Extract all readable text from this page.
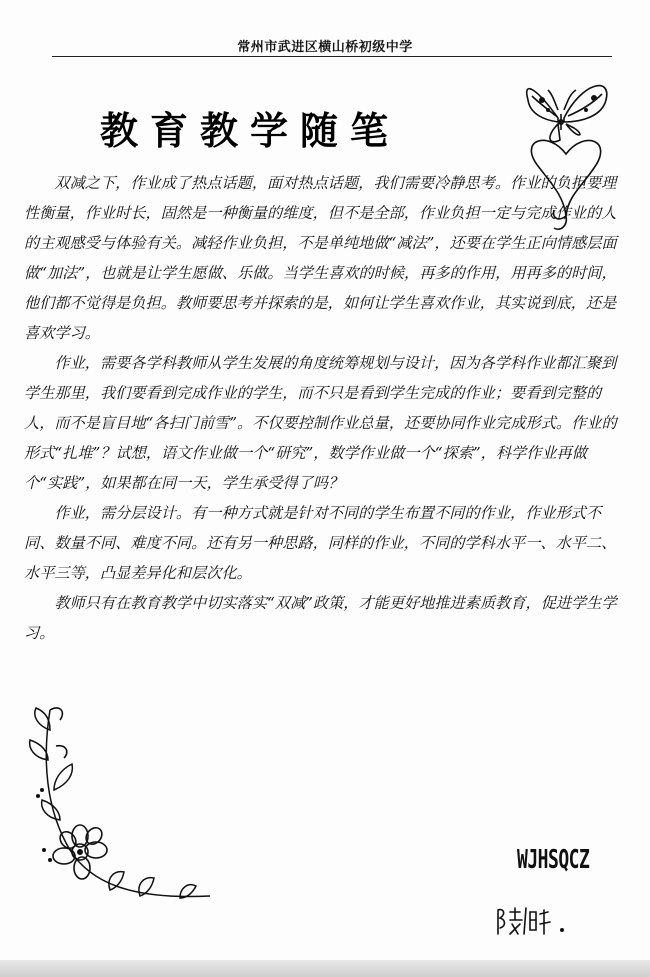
常州市武进区横山桥初级中学
教育教学随笔

双减之下，作业成了热点话题，面对热点话题，我们需要冷静思考。作业的负担要理性衡量，作业时长，固然是一种衡量的维度，但不是全部，作业负担一定与完成作业的人的主观感受与体验有关。减轻作业负担，不是单纯地做“减法”，还要在学生正向情感层面做“加法”，也就是让学生愿做、乐做。当学生喜欢的时候，再多的作用，用再多的时间，他们都不觉得是负担。教师要思考并探索的是，如何让学生喜欢作业，其实说到底，还是喜欢学习。

作业，需要各学科教师从学生发展的角度统筹规划与设计，因为各学科作业都汇聚到学生那里，我们要看到完成作业的学生，而不只是看到学生完成的作业；要看到完整的人，而不是盲目地“各扫门前雪”。不仅要控制作业总量，还要协同作业完成形式。作业的形式“扎堆”？试想，语文作业做一个“研究”，数学作业做一个“探索”，科学作业再做个“实践”，如果都在同一天，学生承受得了吗？

作业，需分层设计。有一种方式就是针对不同的学生布置不同的作业，作业形式不同、数量不同、难度不同。还有另一种思路，同样的作业，不同的学科水平一、水平二、水平三等，凸显差异化和层次化。

教师只有在教育教学中切实落实“双减”政策，才能更好地推进素质教育，促进学生学习。

WJHSQCZ
